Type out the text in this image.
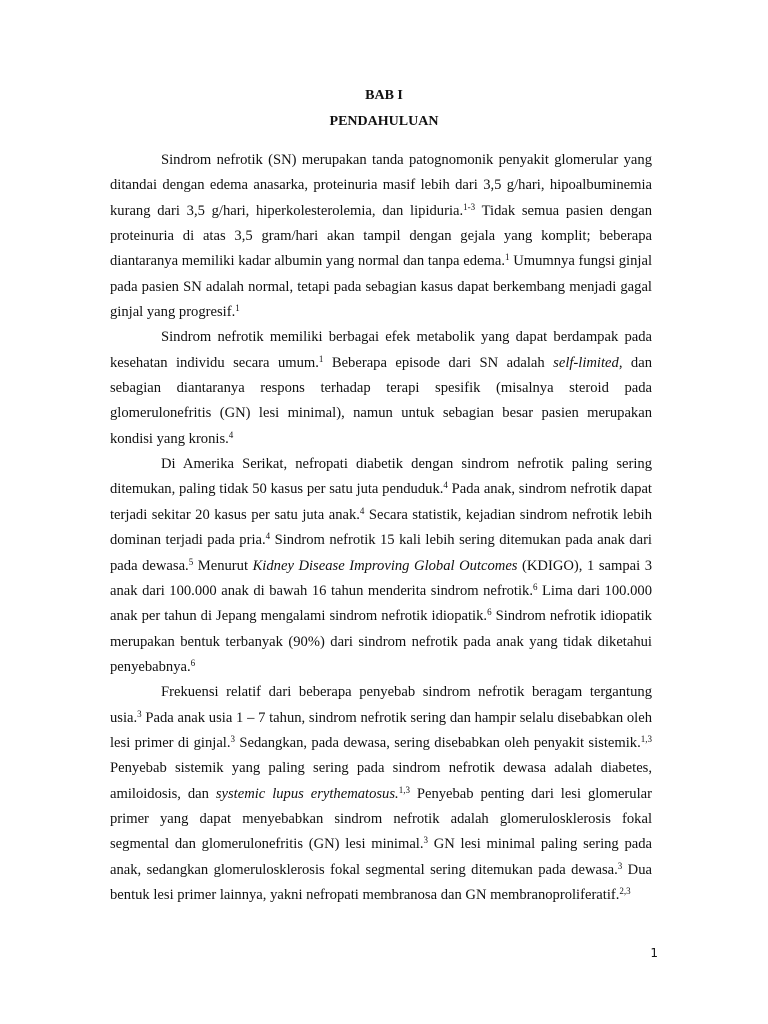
BAB I
PENDAHULUAN

Sindrom nefrotik (SN) merupakan tanda patognomonik penyakit glomerular yang ditandai dengan edema anasarka, proteinuria masif lebih dari 3,5 g/hari, hipoalbuminemia kurang dari 3,5 g/hari, hiperkolesterolemia, dan lipiduria.$^{1-3}$ Tidak semua pasien dengan proteinuria di atas 3,5 gram/hari akan tampil dengan gejala yang komplit; beberapa diantaranya memiliki kadar albumin yang normal dan tanpa edema.$^1$ Umumnya fungsi ginjal pada pasien SN adalah normal, tetapi pada sebagian kasus dapat berkembang menjadi gagal ginjal yang progresif.$^1$

Sindrom nefrotik memiliki berbagai efek metabolik yang dapat berdampak pada kesehatan individu secara umum.$^1$ Beberapa episode dari SN adalah self-limited, dan sebagian diantaranya respons terhadap terapi spesifik (misalnya steroid pada glomerulonefritis (GN) lesi minimal), namun untuk sebagian besar pasien merupakan kondisi yang kronis.$^4$

Di Amerika Serikat, nefropati diabetik dengan sindrom nefrotik paling sering ditemukan, paling tidak 50 kasus per satu juta penduduk.$^4$ Pada anak, sindrom nefrotik dapat terjadi sekitar 20 kasus per satu juta anak.$^4$ Secara statistik, kejadian sindrom nefrotik lebih dominan terjadi pada pria.$^4$ Sindrom nefrotik 15 kali lebih sering ditemukan pada anak dari pada dewasa.$^5$ Menurut Kidney Disease Improving Global Outcomes (KDIGO), 1 sampai 3 anak dari 100.000 anak di bawah 16 tahun menderita sindrom nefrotik.$^6$ Lima dari 100.000 anak per tahun di Jepang mengalami sindrom nefrotik idiopatik.$^6$ Sindrom nefrotik idiopatik merupakan bentuk terbanyak (90%) dari sindrom nefrotik pada anak yang tidak diketahui penyebabnya.$^6$

Frekuensi relatif dari beberapa penyebab sindrom nefrotik beragam tergantung usia.$^3$ Pada anak usia 1 – 7 tahun, sindrom nefrotik sering dan hampir selalu disebabkan oleh lesi primer di ginjal.$^3$ Sedangkan, pada dewasa, sering disebabkan oleh penyakit sistemik.$^{1,3}$ Penyebab sistemik yang paling sering pada sindrom nefrotik dewasa adalah diabetes, amiloidosis, dan systemic lupus erythematosus.$^{1,3}$ Penyebab penting dari lesi glomerular primer yang dapat menyebabkan sindrom nefrotik adalah glomerulosklerosis fokal segmental dan glomerulonefritis (GN) lesi minimal.$^3$ GN lesi minimal paling sering pada anak, sedangkan glomerulosklerosis fokal segmental sering ditemukan pada dewasa.$^3$ Dua bentuk lesi primer lainnya, yakni nefropati membranosa dan GN membranoproliferatif.$^{2,3}$

1
